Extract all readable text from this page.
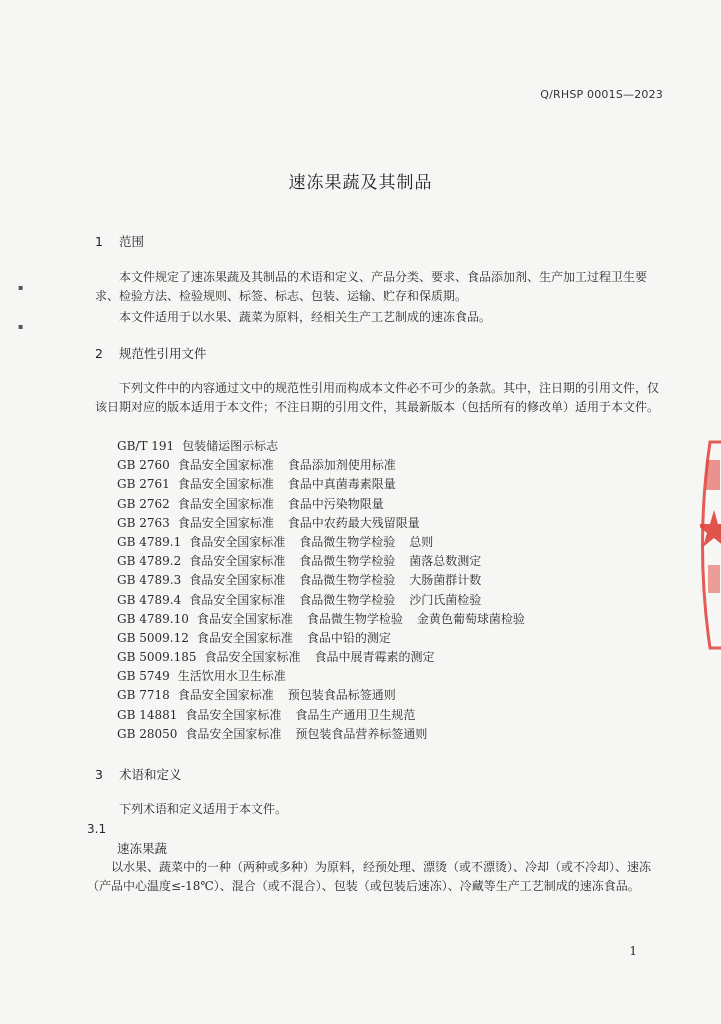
Q/RHSP 0001S—2023
速冻果蔬及其制品
1 范围

本文件规定了速冻果蔬及其制品的术语和定义、产品分类、要求、食品添加剂、生产加工过程卫生要求、检验方法、检验规则、标签、标志、包装、运输、贮存和保质期。

本文件适用于以水果、蔬菜为原料，经相关生产工艺制成的速冻食品。

2 规范性引用文件

下列文件中的内容通过文中的规范性引用而构成本文件必不可少的条款。其中，注日期的引用文件，仅该日期对应的版本适用于本文件；不注日期的引用文件，其最新版本（包括所有的修改单）适用于本文件。

GB/T 191 包装储运图示标志
GB 2760 食品安全国家标准 食品添加剂使用标准
GB 2761 食品安全国家标准 食品中真菌毒素限量
GB 2762 食品安全国家标准 食品中污染物限量
GB 2763 食品安全国家标准 食品中农药最大残留限量
GB 4789.1 食品安全国家标准 食品微生物学检验 总则
GB 4789.2 食品安全国家标准 食品微生物学检验 菌落总数测定
GB 4789.3 食品安全国家标准 食品微生物学检验 大肠菌群计数
GB 4789.4 食品安全国家标准 食品微生物学检验 沙门氏菌检验
GB 4789.10 食品安全国家标准 食品微生物学检验 金黄色葡萄球菌检验
GB 5009.12 食品安全国家标准 食品中铅的测定
GB 5009.185 食品安全国家标准 食品中展青霉素的测定
GB 5749 生活饮用水卫生标准
GB 7718 食品安全国家标准 预包装食品标签通则
GB 14881 食品安全国家标准 食品生产通用卫生规范
GB 28050 食品安全国家标准 预包装食品营养标签通则
3 术语和定义

下列术语和定义适用于本文件。

3.1
速冻果蔬

以水果、蔬菜中的一种（两种或多种）为原料，经预处理、漂烫（或不漂烫）、冷却（或不冷却）、速冻（产品中心温度≤-18℃）、混合（或不混合）、包装（或包装后速冻）、冷藏等生产工艺制成的速冻食品。

1
▪
▪
